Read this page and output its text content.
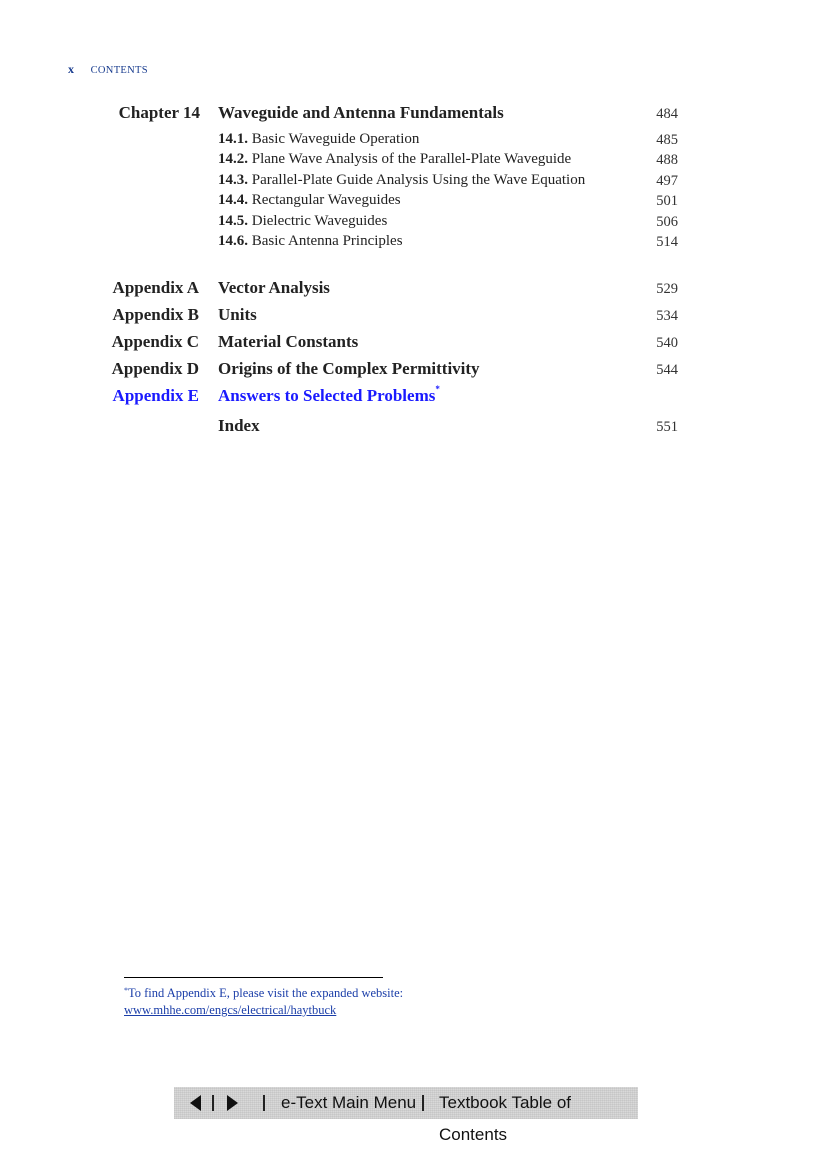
x CONTENTS
Chapter 14 Waveguide and Antenna Fundamentals	484
14.1. Basic Waveguide Operation	485
14.2. Plane Wave Analysis of the Parallel-Plate Waveguide	488
14.3. Parallel-Plate Guide Analysis Using the Wave Equation	497
14.4. Rectangular Waveguides	501
14.5. Dielectric Waveguides	506
14.6. Basic Antenna Principles	514
Appendix A Vector Analysis	529
Appendix B Units	534
Appendix C Material Constants	540
Appendix D Origins of the Complex Permittivity	544
Appendix E Answers to Selected Problems*
Index	551
*To find Appendix E, please visit the expanded website:
www.mhhe.com/engcs/electrical/haytbuck
e-Text Main Menu Textbook Table of Contents
